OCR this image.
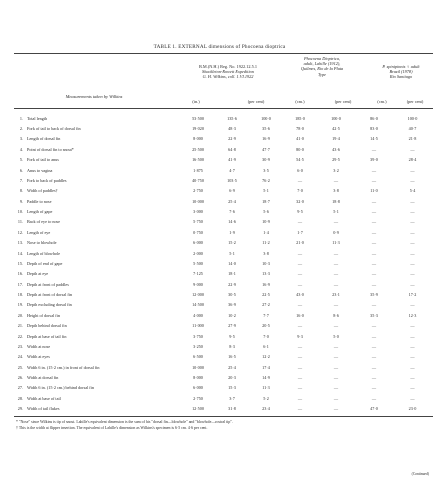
TABLE 1. EXTERNAL dimensions of Phocoena dioptrica
Measurements taken by Wilkins
B.M.(N.H.) Reg. No. 1922.12.5.1
Shackleton-Rowett Expedition
G. H. Wilkins, coll. 1.VI.1922
(in.)	(per cent)
Phocoena Dioptrica,
adult, Lahille (1912),
Quilmes, Rio de la Plata
Type
(cm.)	(per cent)
P. spinipinnis ♀ adult
Brazil (1978)
Rio Santiago
(cm.)	(per cent)
1.	Total length	53·500	135·6	100·0	185·0	100·0	86·0	100·0
2.	Fork of tail to back of dorsal fin	19·020	48·3	35·6	78·0	42·5	83·0	40·7
3.	Length of dorsal fin	8·000	22·9	16·9	41·0	19·4	14·5	21·8
4.	Point of dorsal fin to snout*	25·500	64·8	47·7	80·0	43·6	—	—
5.	Fork of tail to anus	16·500	41·9	30·9	54·5	29·5	39·0	28·4
6.	Anus to vagina	1·875	4·7	3·5	6·0	3·2	—	—
7.	Fork to back of paddles	40·750	103·5	76·2	—	—	—	—
8.	Width of paddles†	2·750	6·9	5·1	7·0	3·8	11·0	5·4
9.	Paddle to nose	10·000	25·4	18·7	32·0	18·8	—	—
10.	Length of gape	3·000	7·6	5·6	9·5	5·1	—	—
11.	Back of eye to nose	5·750	14·6	10·9	—	—	—	—
12.	Length of eye	0·750	1·9	1·4	1·7	0·9	—	—
13.	Nose to blowhole	6·000	15·2	11·2	21·0	11·3	—	—
14.	Length of blowhole	2·000	5·1	3·8	—	—	—	—
15.	Depth of end of gape	5·500	14·0	10·3	—	—	—	—
16.	Depth at eye	7·125	18·1	13·3	—	—	—	—
17.	Depth at front of paddles	9·000	22·9	16·9	—	—	—	—
18.	Depth at front of dorsal fin	12·000	30·5	22·5	43·0	23·1	35·9	17·2
19.	Depth excluding dorsal fin	14·500	36·9	27·2	—	—	—	—
20.	Height of dorsal fin	4·000	10·2	7·7	16·0	8·6	35·3	12·3
21.	Depth behind dorsal fin	11·000	27·9	20·5	—	—	—	—
22.	Depth at base of tail fin	3·750	9·5	7·0	9·3	5·0	—	—
23.	Width at nose	3·250	8·3	6·1	—	—	—	—
24.	Width at eyes	6·500	16·5	12·2	—	—	—	—
25.	Width 6 in. (15·2 cm.) in front of dorsal fin	10·000	25·4	17·4	—	—	—	—
26.	Width at dorsal fin	8·000	20·3	14·9	—	—	—	—
27.	Width 6 in. (15·2 cm.) behind dorsal fin	6·000	15·3	11·3	—	—	—	—
28.	Width at base of tail	2·750	3·7	5·2	—	—	—	—
29.	Width of tail flukes	12·500	31·8	23·4	—	—	47·0	23·0
* "Nose" since Wilkins is tip of snout. Lahille's equivalent dimension is the sum of his "dorsal fin—blowhole" and "blowhole—rostral tip".
† This is the width at flipper insertion. The equivalent of Lahille's dimension as Wilkins's specimen is 6·5 cm. 4·6 per cent.
(Continued)
